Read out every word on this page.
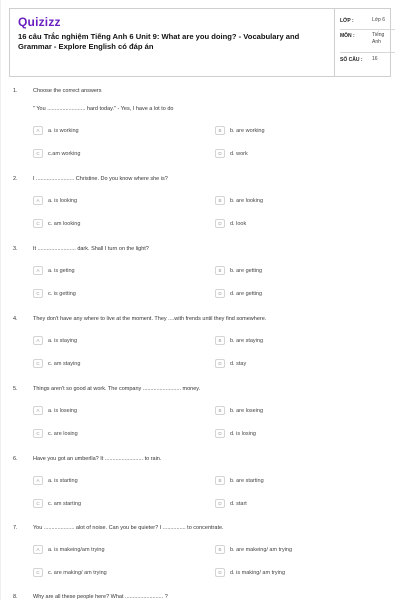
Quizizz
16 câu Trắc nghiệm Tiếng Anh 6 Unit 9: What are you doing? - Vocabulary and Grammar - Explore English có đáp án
LỚP :	Lớp 6
MÔN :	Tiếng Anh
SỐ CÂU : 16
1.	Choose the correct answers
" You ......................... hard today." - Yes, I have a lot to do
A	a. is working	B	b. are working
C	c.am working	D	d. work
2.	I ......................... Christine. Do you know where she is?
A	a. is looking	B	b. are looking
C	c. am looking	D	d. look
3.	It ......................... dark. Shall I turn on the light?
A	a. is geting	B	b. are getting
C	c. is getting	D	d. are getting
4.	They don't have any where to live at the moment. They ....with frends until they find somewhere.
A	a. is staying	B	b. are staying
C	c. am staying	D	d. stay
5.	Things aren't so good at work. The company ......................... money.
A	a. is loseing	B	b. are loseing
C	c. are losing	D	d. is losing
6.	Have you got an umberlla? It ......................... to rain.
A	a. is starting	B	b. are starting
C	c. am starting	D	d. start
7.	You .................... alot of noise. Can you be quieter? I ............... to concentrate.
A	a. is makeing/am trying	B	b. are makeing/ am trying
C	c. are making/ am trying	D	d. is making/ am trying
8.	Why are all these people here? What ......................... ?
